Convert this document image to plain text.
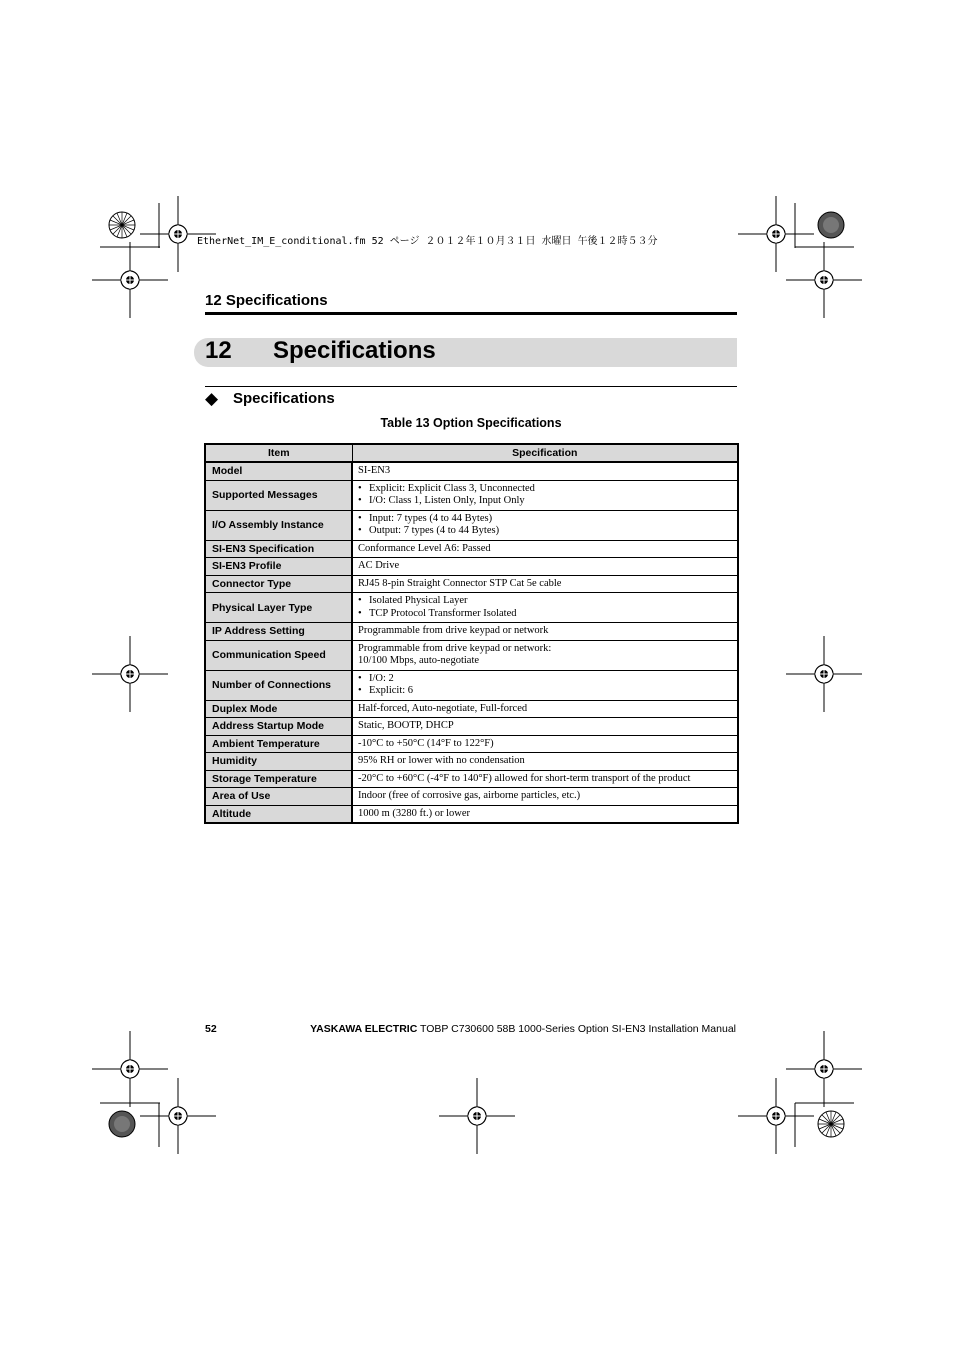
EtherNet_IM_E_conditional.fm 52 ページ ２０１２年１０月３１日 水曜日 午後１２時５３分
12 Specifications
12 Specifications
◆ Specifications
Table 13 Option Specifications
Item	Specification
Model	SI-EN3
Supported Messages	• Explicit: Explicit Class 3, Unconnected
• I/O: Class 1, Listen Only, Input Only

I/O Assembly Instance	• Input: 7 types (4 to 44 Bytes)
• Output: 7 types (4 to 44 Bytes)

SI-EN3 Specification	Conformance Level A6: Passed
SI-EN3 Profile	AC Drive
Connector Type	RJ45 8-pin Straight Connector STP Cat 5e cable
Physical Layer Type	• Isolated Physical Layer
• TCP Protocol Transformer Isolated

IP Address Setting	Programmable from drive keypad or network
Communication Speed	Programmable from drive keypad or network:
10/100 Mbps, auto-negotiate

Number of Connections	• I/O: 2
• Explicit: 6

Duplex Mode	Half-forced, Auto-negotiate, Full-forced
Address Startup Mode	Static, BOOTP, DHCP
Ambient Temperature	-10°C to +50°C (14°F to 122°F)
Humidity	95% RH or lower with no condensation
Storage Temperature	-20°C to +60°C (-4°F to 140°F) allowed for short-term transport of the product
Area of Use	Indoor (free of corrosive gas, airborne particles, etc.)
Altitude	1000 m (3280 ft.) or lower
52	YASKAWA ELECTRIC TOBP C730600 58B 1000-Series Option SI-EN3 Installation Manual
